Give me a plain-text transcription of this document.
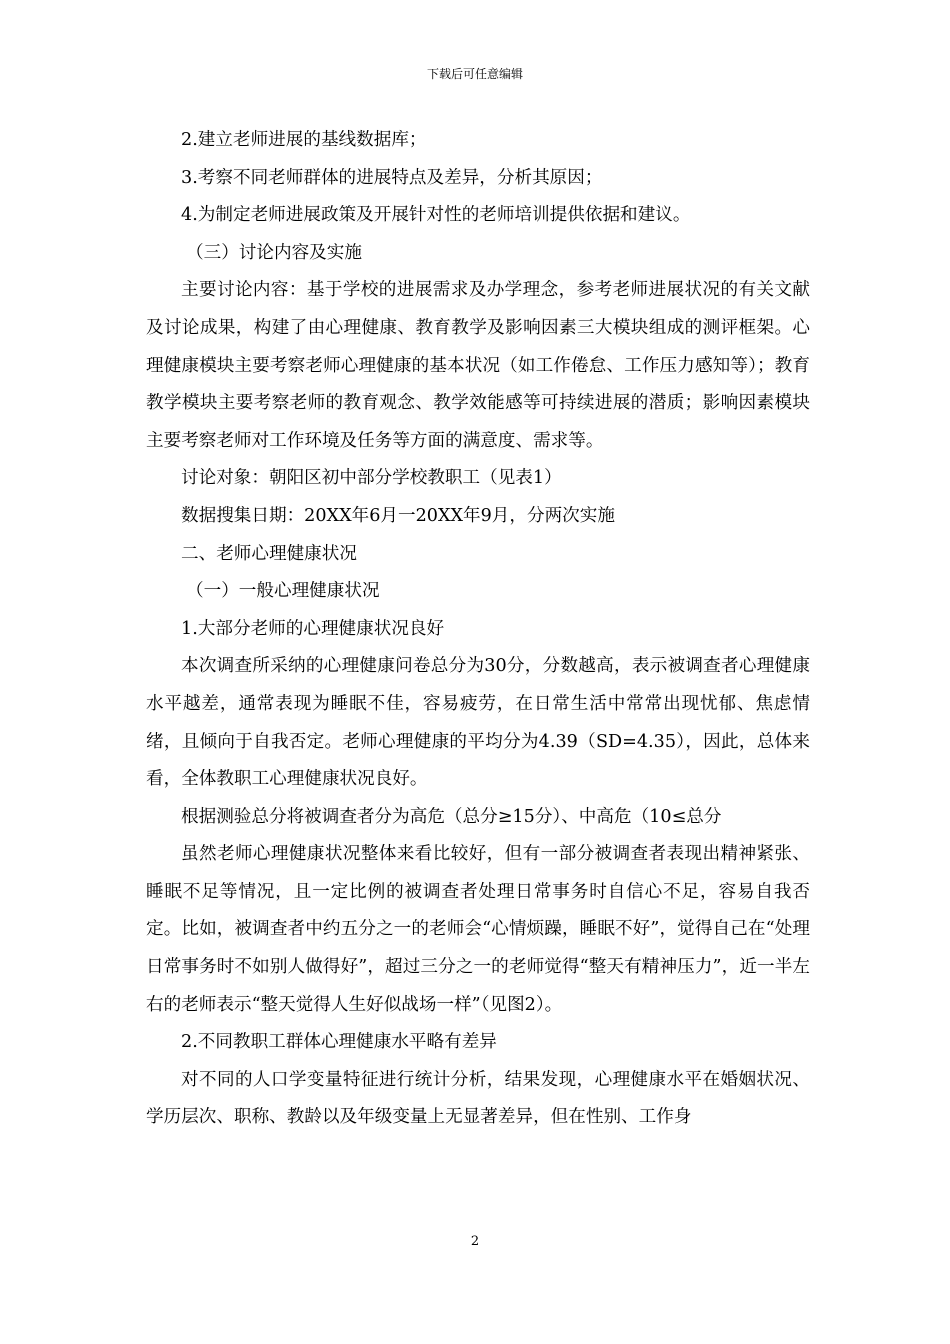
下载后可任意编辑

2.建立老师进展的基线数据库；

3.考察不同老师群体的进展特点及差异，分析其原因；

4.为制定老师进展政策及开展针对性的老师培训提供依据和建议。

（三）讨论内容及实施

主要讨论内容：基于学校的进展需求及办学理念，参考老师进展状况的有关文献及讨论成果，构建了由心理健康、教育教学及影响因素三大模块组成的测评框架。心理健康模块主要考察老师心理健康的基本状况（如工作倦怠、工作压力感知等）；教育教学模块主要考察老师的教育观念、教学效能感等可持续进展的潜质；影响因素模块主要考察老师对工作环境及任务等方面的满意度、需求等。

讨论对象：朝阳区初中部分学校教职工（见表1）

数据搜集日期：20XX年6月一20XX年9月，分两次实施

二、老师心理健康状况

（一）一般心理健康状况

1.大部分老师的心理健康状况良好

本次调查所采纳的心理健康问卷总分为30分，分数越高，表示被调查者心理健康水平越差，通常表现为睡眠不佳，容易疲劳，在日常生活中常常出现忧郁、焦虑情绪，且倾向于自我否定。老师心理健康的平均分为4.39（SD=4.35），因此，总体来看，全体教职工心理健康状况良好。

根据测验总分将被调查者分为高危（总分≥15分）、中高危（10≤总分

虽然老师心理健康状况整体来看比较好，但有一部分被调查者表现出精神紧张、睡眠不足等情况，且一定比例的被调查者处理日常事务时自信心不足，容易自我否定。比如，被调查者中约五分之一的老师会“心情烦躁，睡眠不好”，觉得自己在“处理日常事务时不如别人做得好”，超过三分之一的老师觉得“整天有精神压力”，近一半左右的老师表示“整天觉得人生好似战场一样”（见图2）。

2.不同教职工群体心理健康水平略有差异

对不同的人口学变量特征进行统计分析，结果发现，心理健康水平在婚姻状况、学历层次、职称、教龄以及年级变量上无显著差异，但在性别、工作身

2
